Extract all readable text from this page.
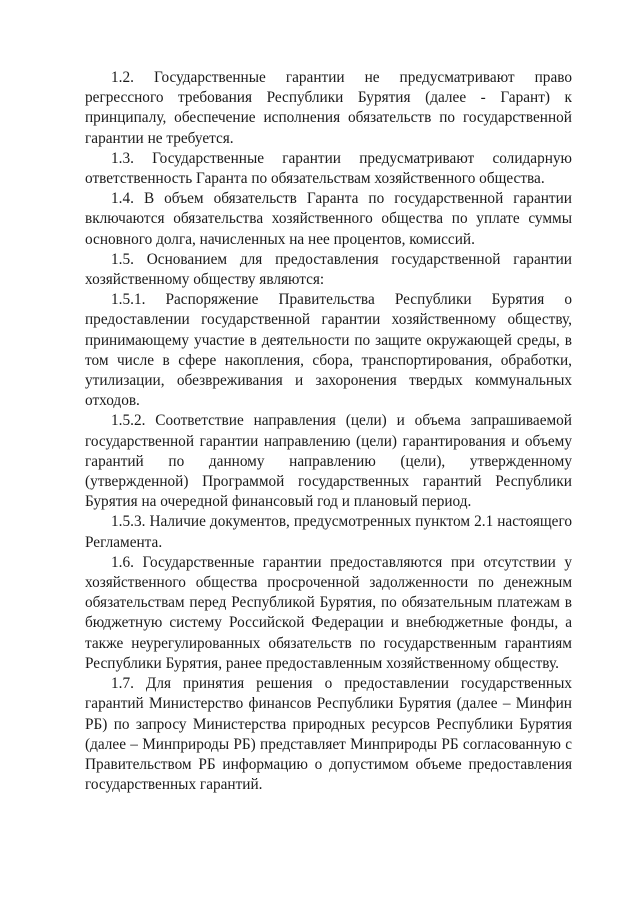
1.2. Государственные гарантии не предусматривают право регрессного требования Республики Бурятия (далее - Гарант) к принципалу, обеспечение исполнения обязательств по государственной гарантии не требуется.

1.3. Государственные гарантии предусматривают солидарную ответственность Гаранта по обязательствам хозяйственного общества.

1.4. В объем обязательств Гаранта по государственной гарантии включаются обязательства хозяйственного общества по уплате суммы основного долга, начисленных на нее процентов, комиссий.

1.5. Основанием для предоставления государственной гарантии хозяйственному обществу являются:

1.5.1. Распоряжение Правительства Республики Бурятия о предоставлении государственной гарантии хозяйственному обществу, принимающему участие в деятельности по защите окружающей среды, в том числе в сфере накопления, сбора, транспортирования, обработки, утилизации, обезвреживания и захоронения твердых коммунальных отходов.

1.5.2. Соответствие направления (цели) и объема запрашиваемой государственной гарантии направлению (цели) гарантирования и объему гарантий по данному направлению (цели), утвержденному (утвержденной) Программой государственных гарантий Республики Бурятия на очередной финансовый год и плановый период.

1.5.3. Наличие документов, предусмотренных пунктом 2.1 настоящего Регламента.

1.6. Государственные гарантии предоставляются при отсутствии у хозяйственного общества просроченной задолженности по денежным обязательствам перед Республикой Бурятия, по обязательным платежам в бюджетную систему Российской Федерации и внебюджетные фонды, а также неурегулированных обязательств по государственным гарантиям Республики Бурятия, ранее предоставленным хозяйственному обществу.

1.7. Для принятия решения о предоставлении государственных гарантий Министерство финансов Республики Бурятия (далее – Минфин РБ) по запросу Министерства природных ресурсов Республики Бурятия (далее – Минприроды РБ) представляет Минприроды РБ согласованную с Правительством РБ информацию о допустимом объеме предоставления государственных гарантий.
